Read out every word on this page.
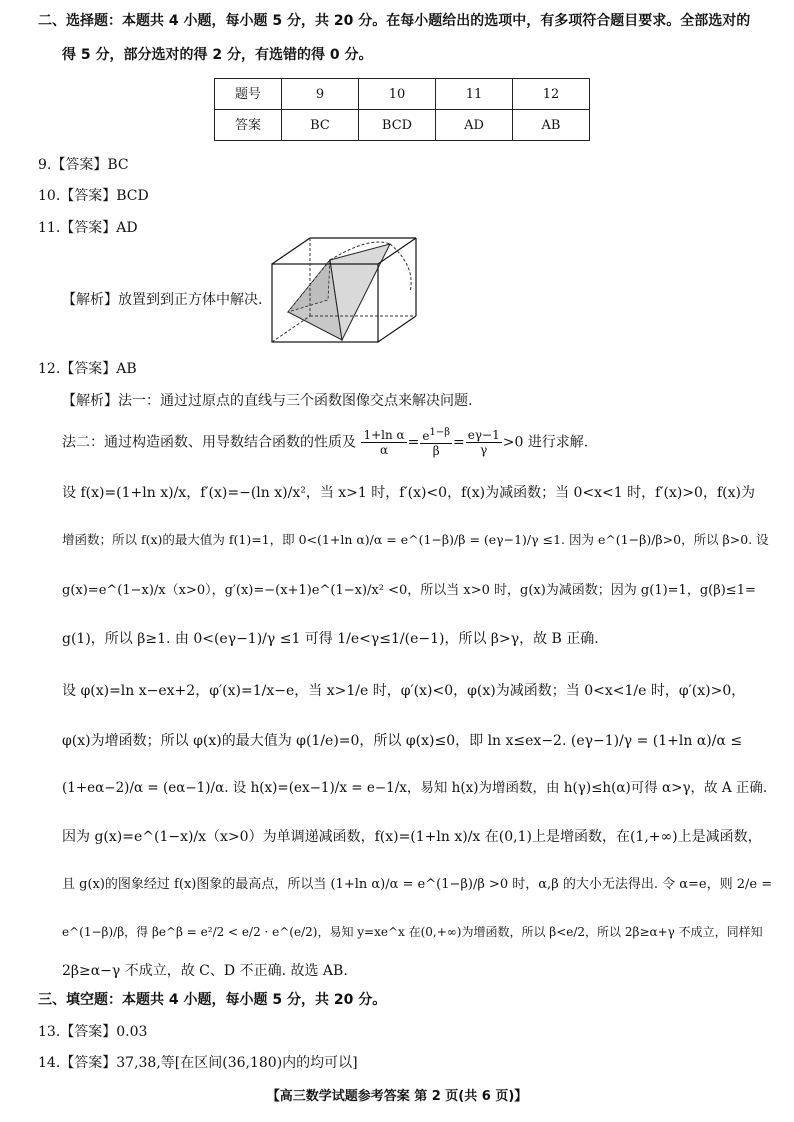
二、选择题：本题共 4 小题，每小题 5 分，共 20 分。在每小题给出的选项中，有多项符合题目要求。全部选对的
得 5 分，部分选对的得 2 分，有选错的得 0 分。
题号	9	10	11	12
答案	BC	BCD	AD	AB
9.【答案】BC
10.【答案】BCD
11.【答案】AD
【解析】放置到到正方体中解决.
12.【答案】AB
【解析】法一：通过过原点的直线与三个函数图像交点来解决问题.
法二：通过构造函数、用导数结合函数的性质及 $\frac{\text{1+ln α}}{\alpha} = \frac{e^{1-\beta}}{\beta} = \frac{e\gamma-1}{\gamma} >0$ 进行求解.
设 f(x)=(1+ln x)/x，f′(x)=−(ln x)/x²，当 x>1 时，f′(x)<0，f(x)为减函数；当 0<x<1 时，f′(x)>0，f(x)为
增函数；所以 f(x)的最大值为 f(1)=1，即 0<(1+ln α)/α = e^(1−β)/β = (eγ−1)/γ ≤1. 因为 e^(1−β)/β>0，所以 β>0. 设
g(x)=e^(1−x)/x（x>0），g′(x)=−(x+1)e^(1−x)/x² <0，所以当 x>0 时，g(x)为减函数；因为 g(1)=1，g(β)≤1=
g(1)，所以 β≥1. 由 0<(eγ−1)/γ ≤1 可得 1/e<γ≤1/(e−1)，所以 β>γ，故 B 正确.
设 φ(x)=ln x−ex+2，φ′(x)=1/x−e，当 x>1/e 时，φ′(x)<0，φ(x)为减函数；当 0<x<1/e 时，φ′(x)>0，
φ(x)为增函数；所以 φ(x)的最大值为 φ(1/e)=0，所以 φ(x)≤0，即 ln x≤ex−2. (eγ−1)/γ = (1+ln α)/α ≤
(1+eα−2)/α = (eα−1)/α. 设 h(x)=(ex−1)/x = e−1/x，易知 h(x)为增函数，由 h(γ)≤h(α)可得 α>γ，故 A 正确.
因为 g(x)=e^(1−x)/x（x>0）为单调递减函数，f(x)=(1+ln x)/x 在(0,1)上是增函数，在(1,+∞)上是减函数，
且 g(x)的图象经过 f(x)图象的最高点，所以当 (1+ln α)/α = e^(1−β)/β >0 时，α,β 的大小无法得出. 令 α=e，则 2/e =
e^(1−β)/β，得 βe^β = e²/2 < e/2 · e^(e/2)，易知 y=xe^x 在(0,+∞)为增函数，所以 β<e/2，所以 2β≥α+γ 不成立，同样知
2β≥α−γ 不成立，故 C、D 不正确. 故选 AB.
三、填空题：本题共 4 小题，每小题 5 分，共 20 分。
13.【答案】0.03
14.【答案】37,38,等[在区间(36,180)内的均可以]
【高三数学试题参考答案 第 2 页(共 6 页)】
